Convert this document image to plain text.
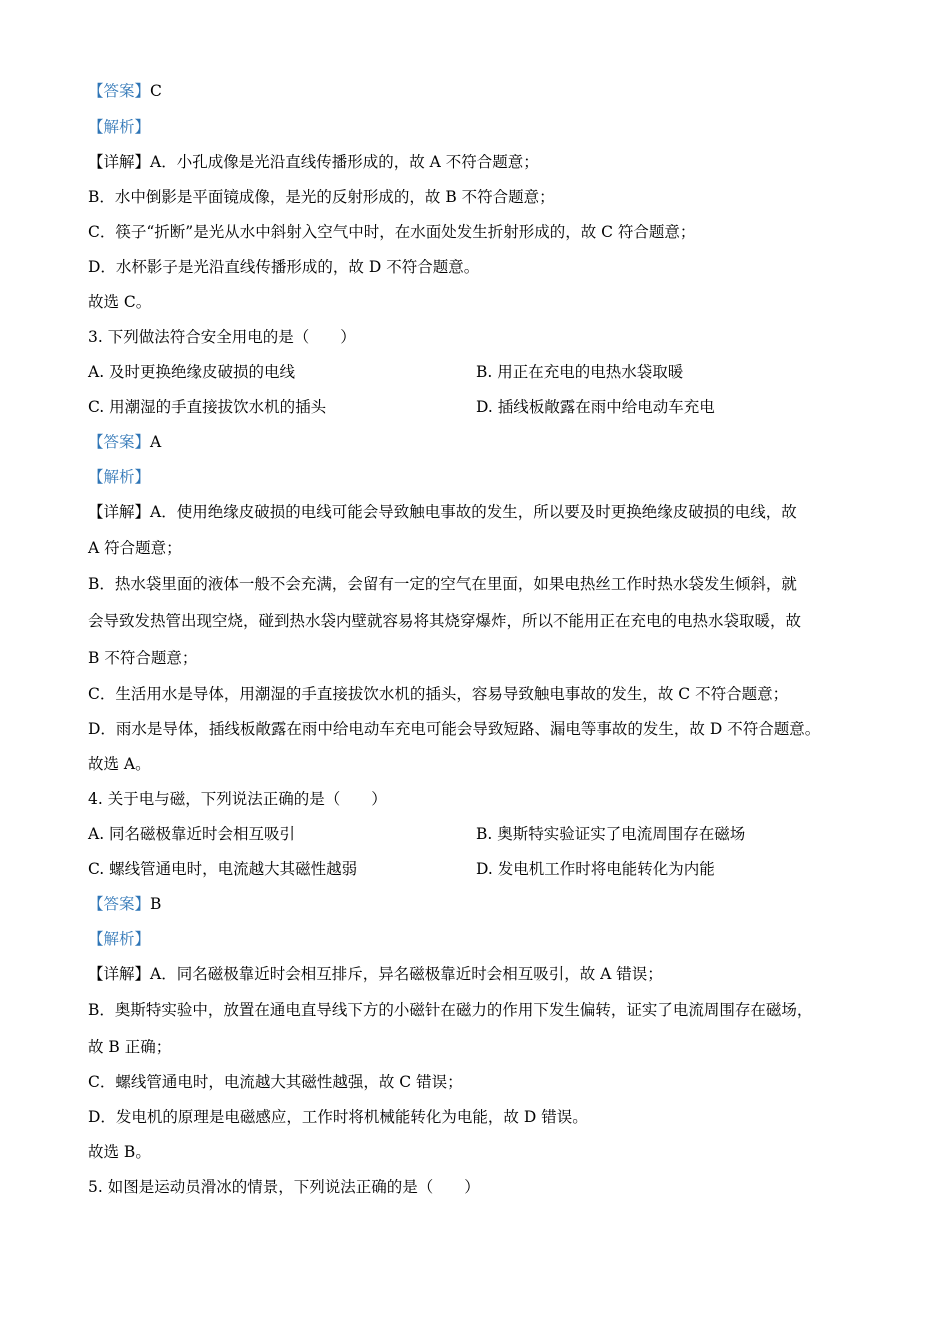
【答案】C
【解析】
【详解】A．小孔成像是光沿直线传播形成的，故 A 不符合题意；
B．水中倒影是平面镜成像，是光的反射形成的，故 B 不符合题意；
C．筷子“折断”是光从水中斜射入空气中时，在水面处发生折射形成的，故 C 符合题意；
D．水杯影子是光沿直线传播形成的，故 D 不符合题意。
故选 C。
3. 下列做法符合安全用电的是（　　）
A. 及时更换绝缘皮破损的电线	B. 用正在充电的电热水袋取暖
C. 用潮湿的手直接拔饮水机的插头	D. 插线板敞露在雨中给电动车充电
【答案】A
【解析】
【详解】A．使用绝缘皮破损的电线可能会导致触电事故的发生，所以要及时更换绝缘皮破损的电线，故
A 符合题意；
B．热水袋里面的液体一般不会充满，会留有一定的空气在里面，如果电热丝工作时热水袋发生倾斜，就
会导致发热管出现空烧，碰到热水袋内壁就容易将其烧穿爆炸，所以不能用正在充电的电热水袋取暖，故
B 不符合题意；
C．生活用水是导体，用潮湿的手直接拔饮水机的插头，容易导致触电事故的发生，故 C 不符合题意；
D．雨水是导体，插线板敞露在雨中给电动车充电可能会导致短路、漏电等事故的发生，故 D 不符合题意。
故选 A。
4. 关于电与磁，下列说法正确的是（　　）
A. 同名磁极靠近时会相互吸引	B. 奥斯特实验证实了电流周围存在磁场
C. 螺线管通电时，电流越大其磁性越弱	D. 发电机工作时将电能转化为内能
【答案】B
【解析】
【详解】A．同名磁极靠近时会相互排斥，异名磁极靠近时会相互吸引，故 A 错误；
B．奥斯特实验中，放置在通电直导线下方的小磁针在磁力的作用下发生偏转，证实了电流周围存在磁场，
故 B 正确；
C．螺线管通电时，电流越大其磁性越强，故 C 错误；
D．发电机的原理是电磁感应，工作时将机械能转化为电能，故 D 错误。
故选 B。
5. 如图是运动员滑冰的情景，下列说法正确的是（　　）
